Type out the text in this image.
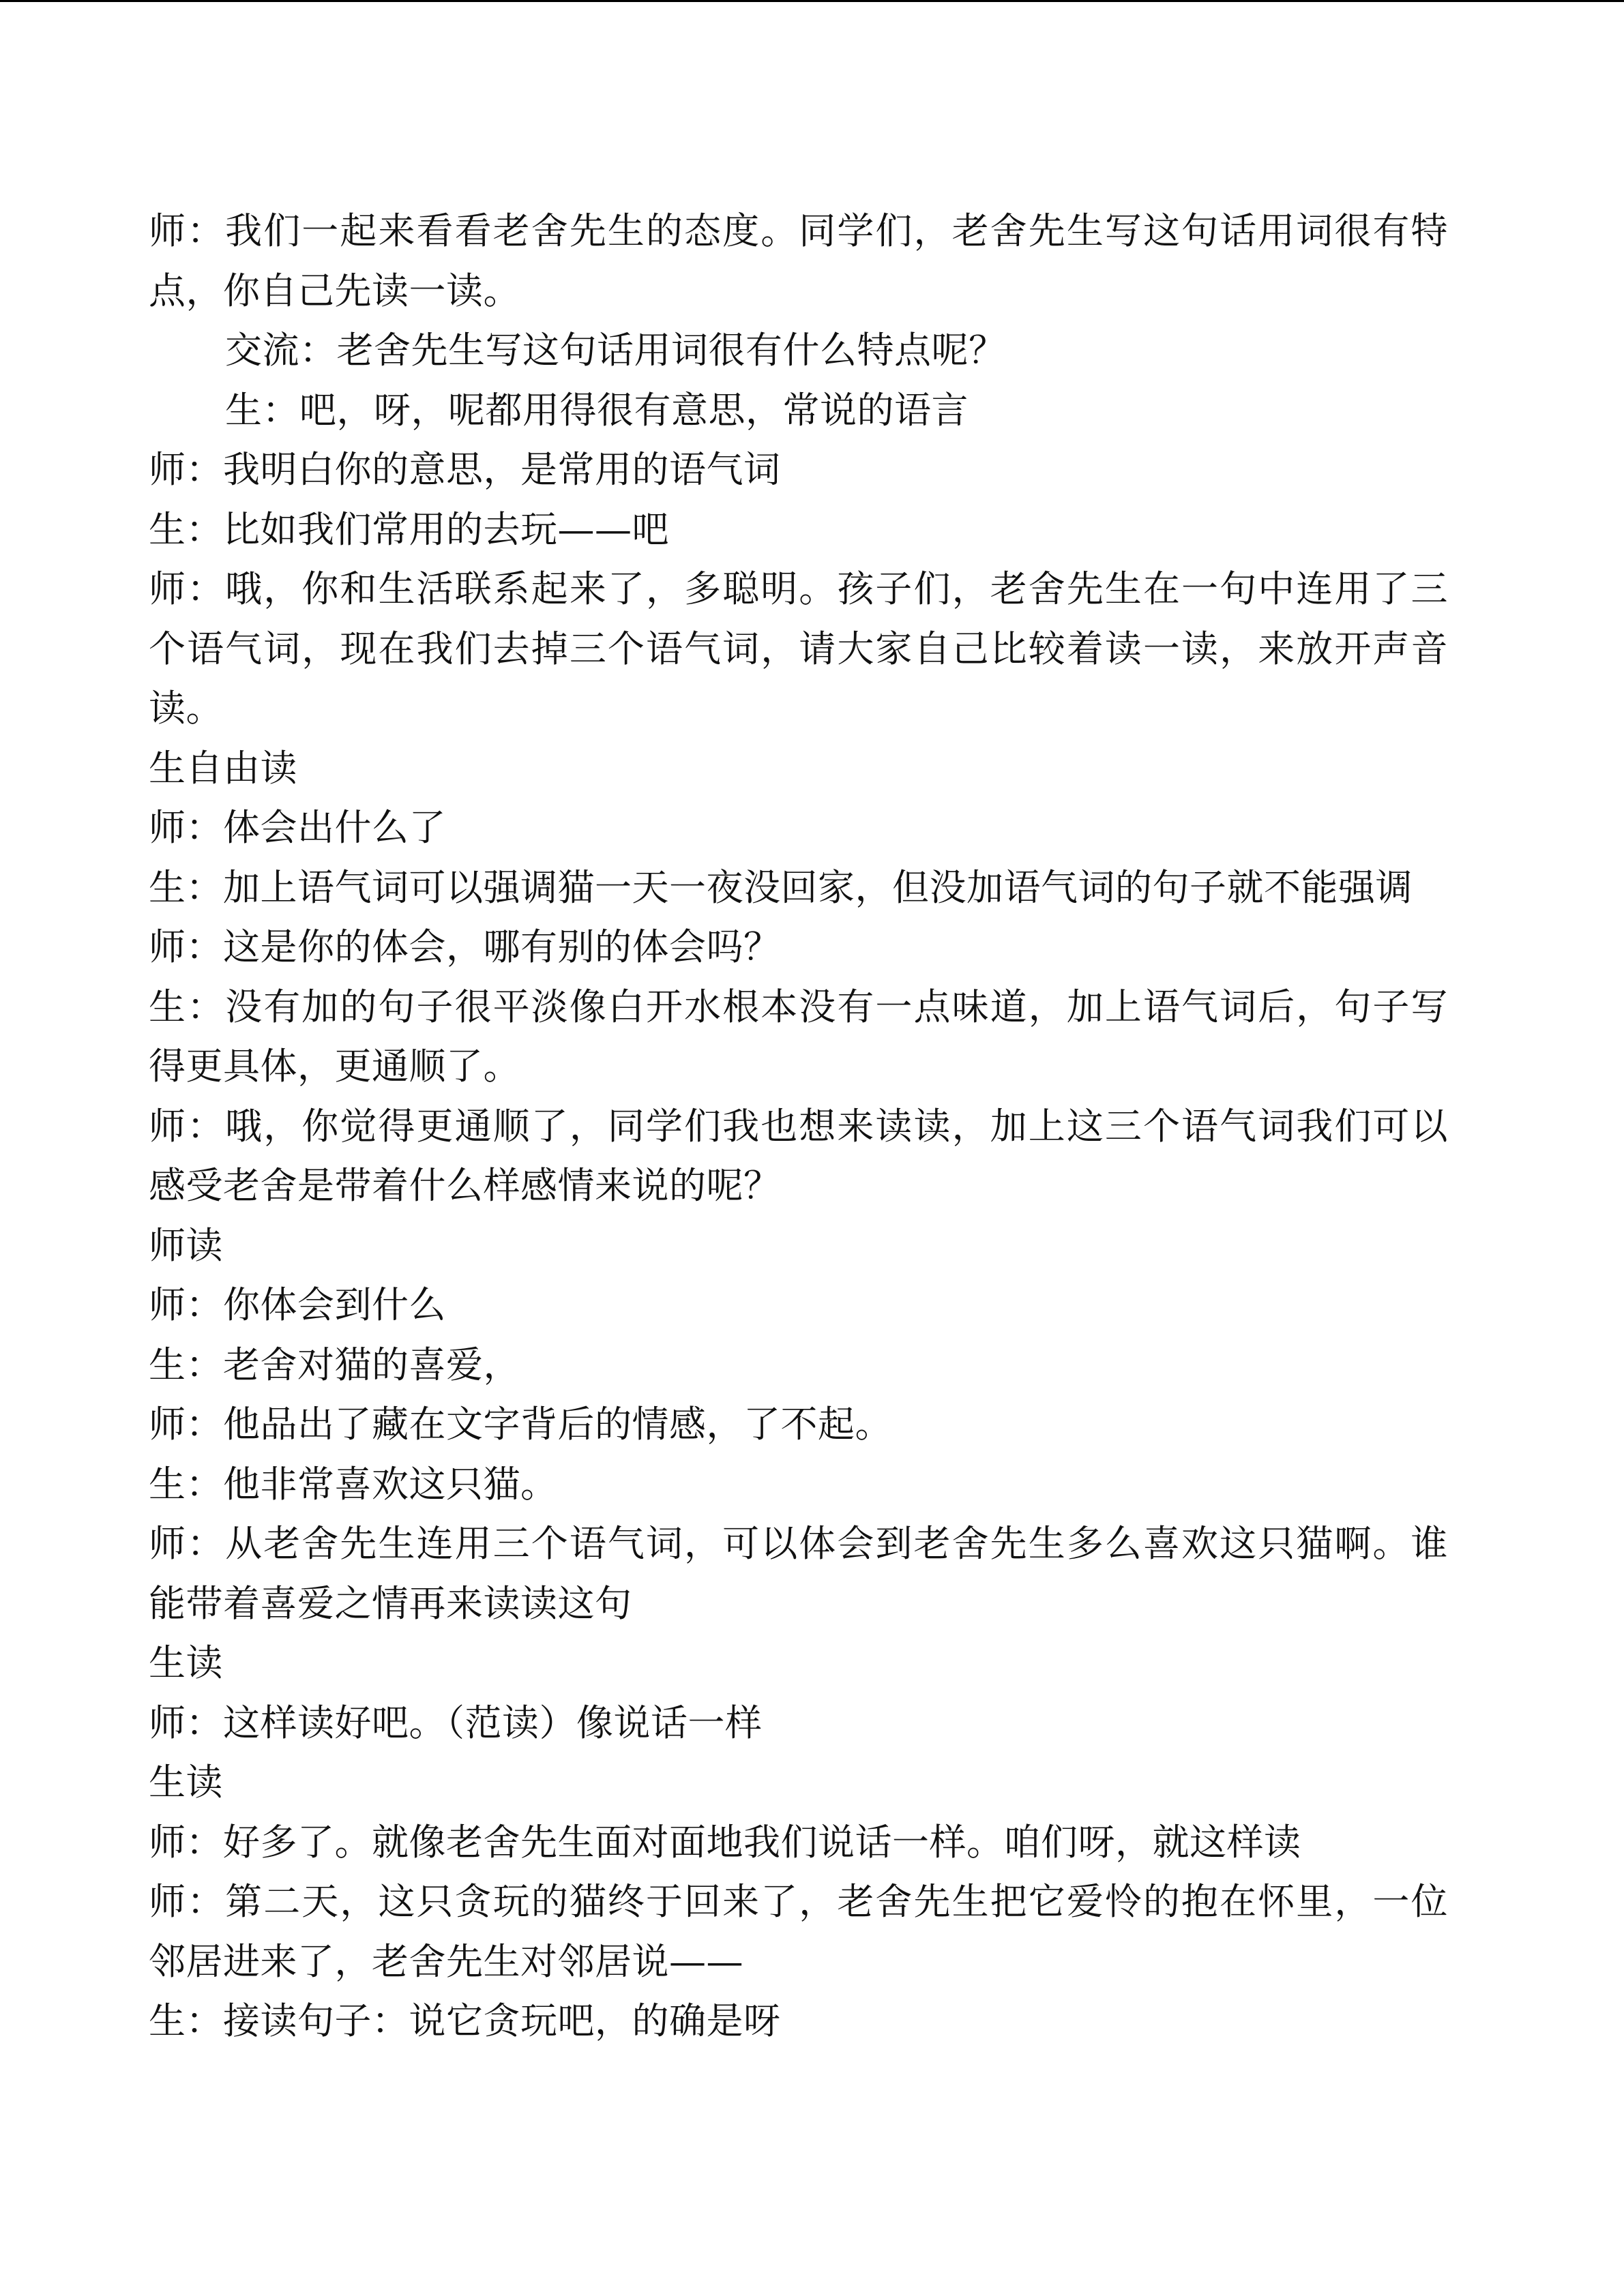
师：我们一起来看看老舍先生的态度。同学们，老舍先生写这句话用词很有特点，你自己先读一读。

交流：老舍先生写这句话用词很有什么特点呢？

生：吧，呀，呢都用得很有意思，常说的语言

师：我明白你的意思，是常用的语气词

生：比如我们常用的去玩——吧

师：哦，你和生活联系起来了，多聪明。孩子们，老舍先生在一句中连用了三个语气词，现在我们去掉三个语气词，请大家自己比较着读一读，来放开声音读。

生自由读

师：体会出什么了

生：加上语气词可以强调猫一天一夜没回家，但没加语气词的句子就不能强调

师：这是你的体会，哪有别的体会吗？

生：没有加的句子很平淡像白开水根本没有一点味道，加上语气词后，句子写得更具体，更通顺了。

师：哦，你觉得更通顺了，同学们我也想来读读，加上这三个语气词我们可以感受老舍是带着什么样感情来说的呢？

师读

师：你体会到什么

生：老舍对猫的喜爱，

师：他品出了藏在文字背后的情感，了不起。

生：他非常喜欢这只猫。

师：从老舍先生连用三个语气词，可以体会到老舍先生多么喜欢这只猫啊。谁能带着喜爱之情再来读读这句

生读

师：这样读好吧。（范读）像说话一样

生读

师：好多了。就像老舍先生面对面地我们说话一样。咱们呀，就这样读

师：第二天，这只贪玩的猫终于回来了，老舍先生把它爱怜的抱在怀里，一位邻居进来了，老舍先生对邻居说——

生：接读句子：说它贪玩吧，的确是呀
